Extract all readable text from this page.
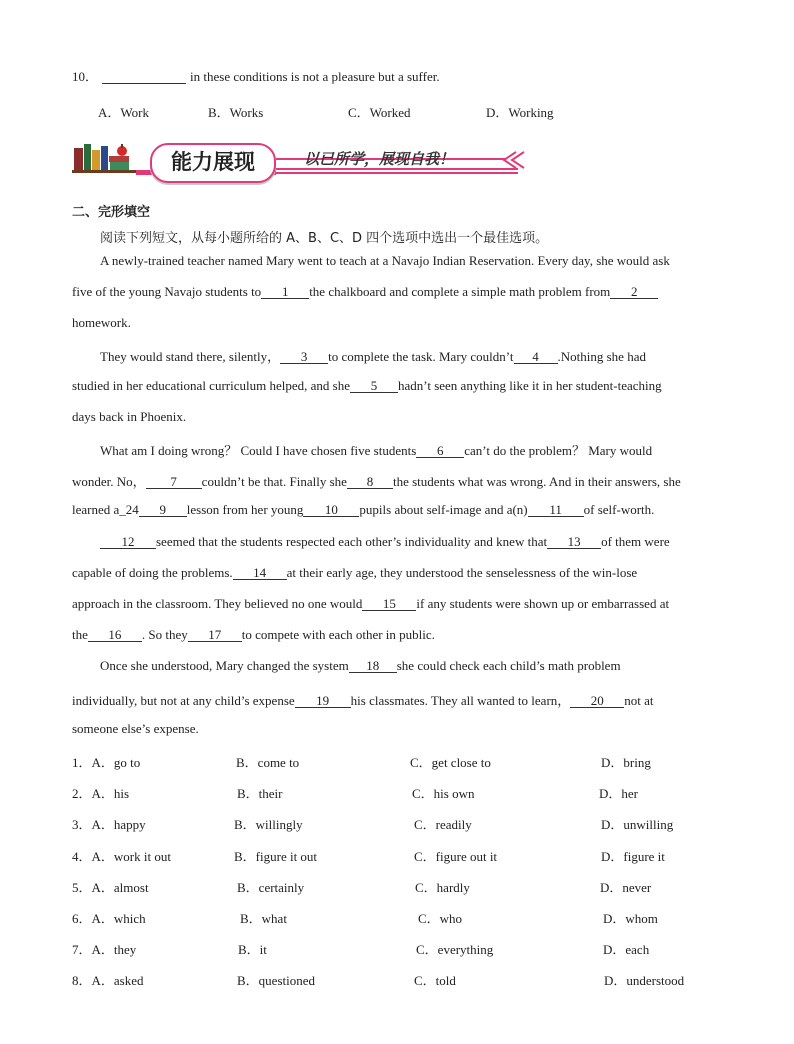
10．	in these conditions is not a pleasure but a suffer.
A．Work	B．Works	C．Worked	D．Working
能力展现	以已所学，展现自我！
二、完形填空
阅读下列短文，从每小题所给的 A、B、C、D 四个选项中选出一个最佳选项。
A newly-trained teacher named Mary went to teach at a Navajo Indian Reservation. Every day, she would ask
five of the young Navajo students to 1 the chalkboard and complete a simple math problem from 2
homework.
They would stand there, silently， 3 to complete the task. Mary couldn’t 4 .Nothing she had
studied in her educational curriculum helped, and she 5 hadn’t seen anything like it in her student-teaching
days back in Phoenix.
What am I doing wrong？ Could I have chosen five students 6 can’t do the problem？ Mary would
wonder. No， 7 couldn’t be that. Finally she 8 the students what was wrong. And in their answers, she
learned a_24 9 lesson from her young 10 pupils about self-image and a(n) 11 of self-worth.
12 seemed that the students respected each other’s individuality and knew that 13 of them were
capable of doing the problems. 14 at their early age, they understood the senselessness of the win-lose
approach in the classroom. They believed no one would 15 if any students were shown up or embarrassed at
the 16 . So they 17 to compete with each other in public.
Once she understood, Mary changed the system 18 she could check each child’s math problem
individually, but not at any child’s expense 19 his classmates. They all wanted to learn， 20 not at
someone else’s expense.
1．A．go to	B．come to	C．get close to	D．bring
2．A．his	B．their	C．his own	D．her
3．A．happy	B．willingly	C．readily	D．unwilling
4．A．work it out	B．figure it out	C．figure out it	D．figure it
5．A．almost	B．certainly	C．hardly	D．never
6．A．which	B．what	C．who	D．whom
7．A．they	B．it	C．everything	D．each
8．A．asked	B．questioned	C．told	D．understood
